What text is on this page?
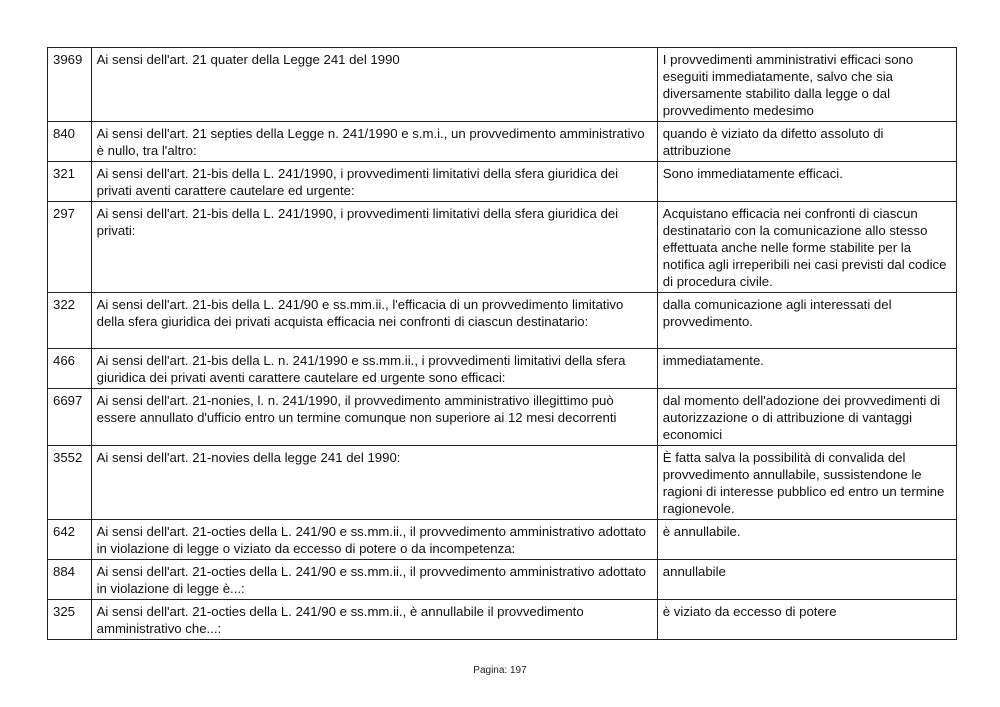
3969	Ai sensi dell'art. 21 quater della Legge 241 del 1990	I provvedimenti amministrativi efficaci sono eseguiti immediatamente, salvo che sia diversamente stabilito dalla legge o dal provvedimento medesimo
840	Ai sensi dell'art. 21 septies della Legge n. 241/1990 e s.m.i., un provvedimento amministrativo è nullo, tra l'altro:	quando è viziato da difetto assoluto di attribuzione
321	Ai sensi dell'art. 21-bis della L. 241/1990, i provvedimenti limitativi della sfera giuridica dei privati aventi carattere cautelare ed urgente:	Sono immediatamente efficaci.
297	Ai sensi dell'art. 21-bis della L. 241/1990, i provvedimenti limitativi della sfera giuridica dei privati:	Acquistano efficacia nei confronti di ciascun destinatario con la comunicazione allo stesso effettuata anche nelle forme stabilite per la notifica agli irreperibili nei casi previsti dal codice di procedura civile.
322	Ai sensi dell'art. 21-bis della L. 241/90 e ss.mm.ii., l'efficacia di un provvedimento limitativo della sfera giuridica dei privati acquista efficacia nei confronti di ciascun destinatario:	dalla comunicazione agli interessati del provvedimento.
466	Ai sensi dell'art. 21-bis della L. n. 241/1990 e ss.mm.ii., i provvedimenti limitativi della sfera giuridica dei privati aventi carattere cautelare ed urgente sono efficaci:	immediatamente.
6697	Ai sensi dell'art. 21-nonies, l. n. 241/1990, il provvedimento amministrativo illegittimo può essere annullato d'ufficio entro un termine comunque non superiore ai 12 mesi decorrenti	dal momento dell'adozione dei provvedimenti di autorizzazione o di attribuzione di vantaggi economici
3552	Ai sensi dell'art. 21-novies della legge 241 del 1990:	È fatta salva la possibilità di convalida del provvedimento annullabile, sussistendone le ragioni di interesse pubblico ed entro un termine ragionevole.
642	Ai sensi dell'art. 21-octies della L. 241/90 e ss.mm.ii., il provvedimento amministrativo adottato in violazione di legge o viziato da eccesso di potere o da incompetenza:	è annullabile.
884	Ai sensi dell'art. 21-octies della L. 241/90 e ss.mm.ii., il provvedimento amministrativo adottato in violazione di legge è...:	annullabile
325	Ai sensi dell'art. 21-octies della L. 241/90 e ss.mm.ii., è annullabile il provvedimento amministrativo che...:	è viziato da eccesso di potere
Pagina: 197
